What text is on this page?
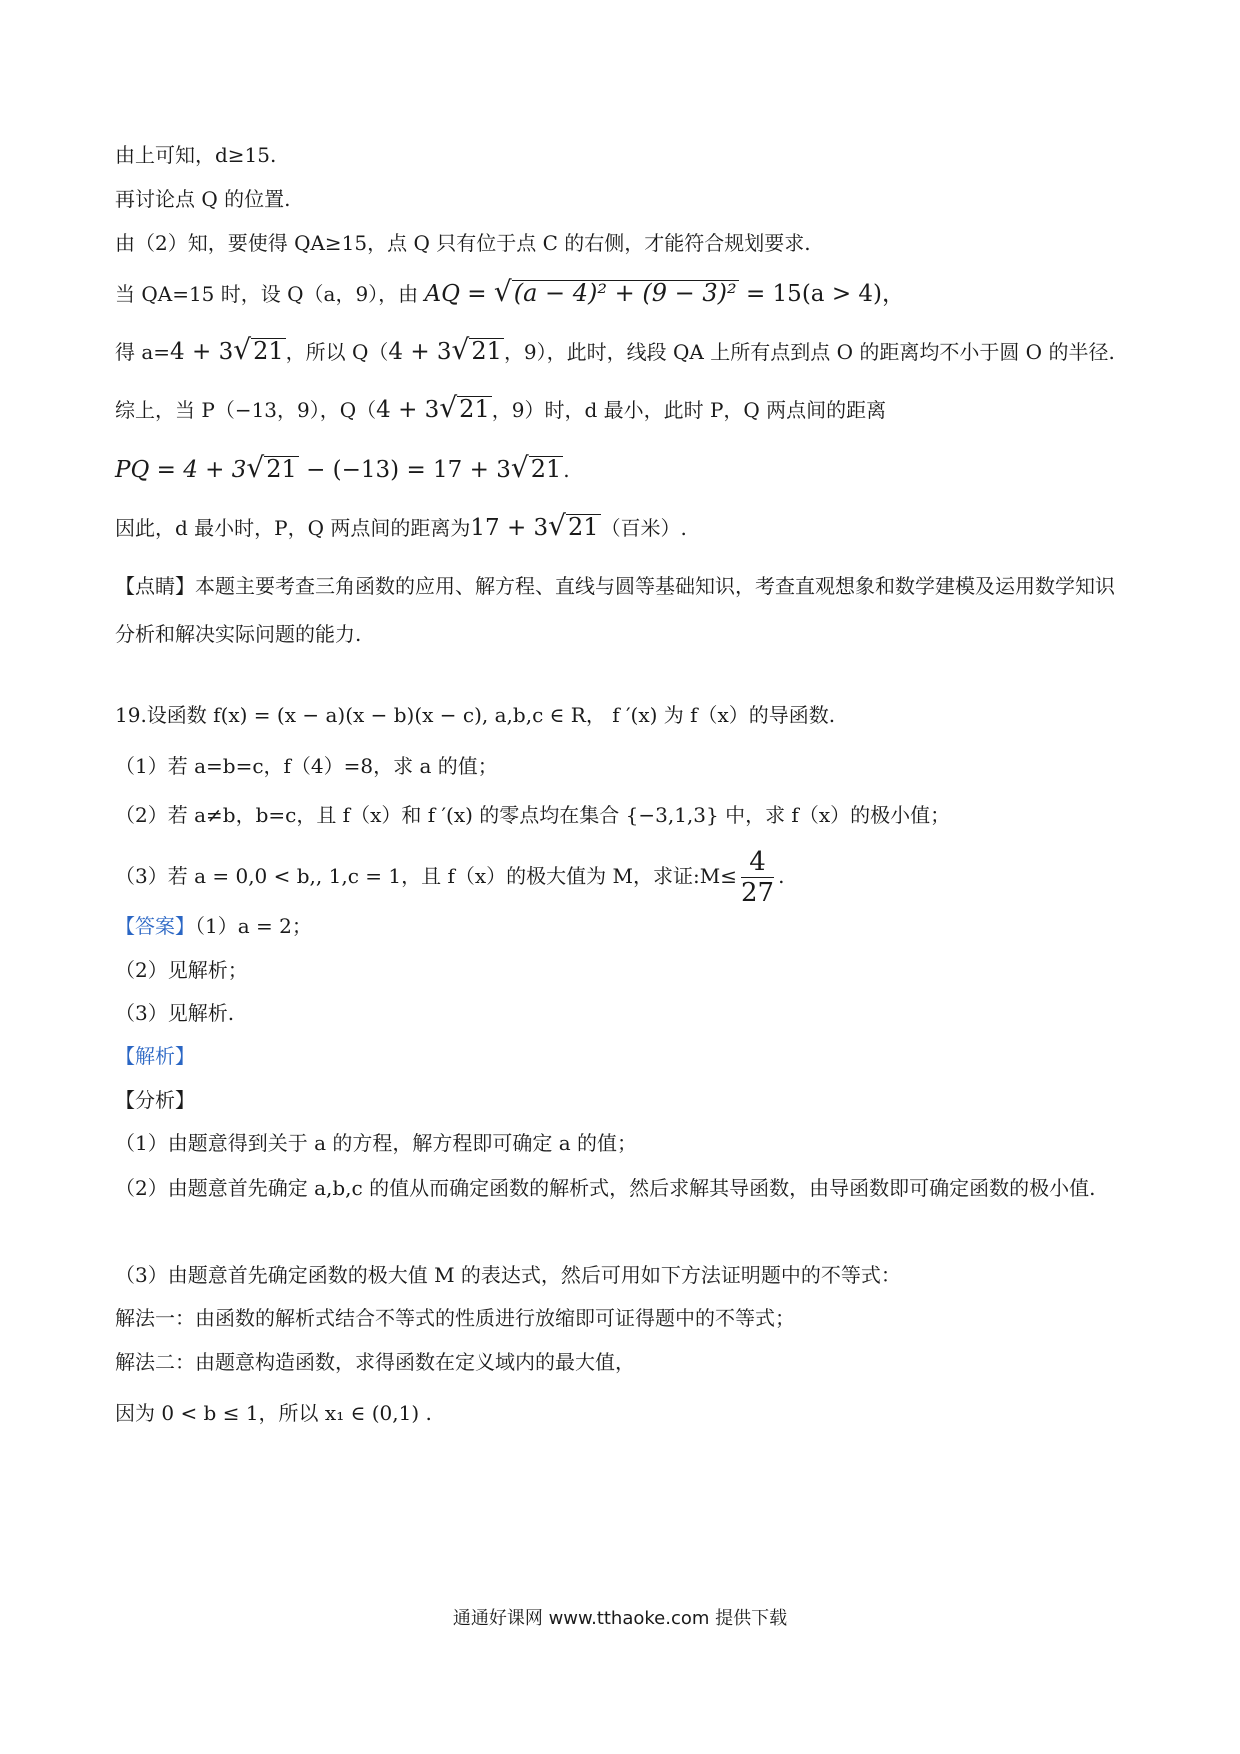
由上可知，d≥15.
再讨论点 Q 的位置.
由（2）知，要使得 QA≥15，点 Q 只有位于点 C 的右侧，才能符合规划要求.
当 QA=15 时，设 Q（a，9），由 AQ = √(a − 4)² + (9 − 3)² = 15(a > 4)，
得 a=4 + 3√21 ，所以 Q（4 + 3√21 ，9），此时，线段 QA 上所有点到点 O 的距离均不小于圆 O 的半径.
综上，当 P（−13，9），Q（4 + 3√21 ，9）时，d 最小，此时 P，Q 两点间的距离
PQ = 4 + 3√21 − (−13) = 17 + 3√21 .
因此，d 最小时，P，Q 两点间的距离为17 + 3√21 （百米）.
【点睛】本题主要考查三角函数的应用、解方程、直线与圆等基础知识，考查直观想象和数学建模及运用数学知识分析和解决实际问题的能力.
19.设函数 f(x) = (x − a)(x − b)(x − c), a,b,c ∈ R， f ′(x) 为 f（x）的导函数.
（1）若 a=b=c，f（4）=8，求 a 的值；
（2）若 a≠b，b=c，且 f（x）和 f ′(x) 的零点均在集合 {−3,1,3} 中，求 f（x）的极小值；
（3）若 a = 0,0 < b,, 1,c = 1，且 f（x）的极大值为 M，求证:M≤ $\frac{4}{27}$ .
【答案】（1）a = 2；
（2）见解析；
（3）见解析.
【解析】
【分析】
（1）由题意得到关于 a 的方程，解方程即可确定 a 的值；
（2）由题意首先确定 a,b,c 的值从而确定函数的解析式，然后求解其导函数，由导函数即可确定函数的极小值.
（3）由题意首先确定函数的极大值 M 的表达式，然后可用如下方法证明题中的不等式：
解法一：由函数的解析式结合不等式的性质进行放缩即可证得题中的不等式；
解法二：由题意构造函数，求得函数在定义域内的最大值，
因为 0 < b ≤ 1，所以 x₁ ∈ (0,1) .
通通好课网 www.tthaoke.com 提供下载
